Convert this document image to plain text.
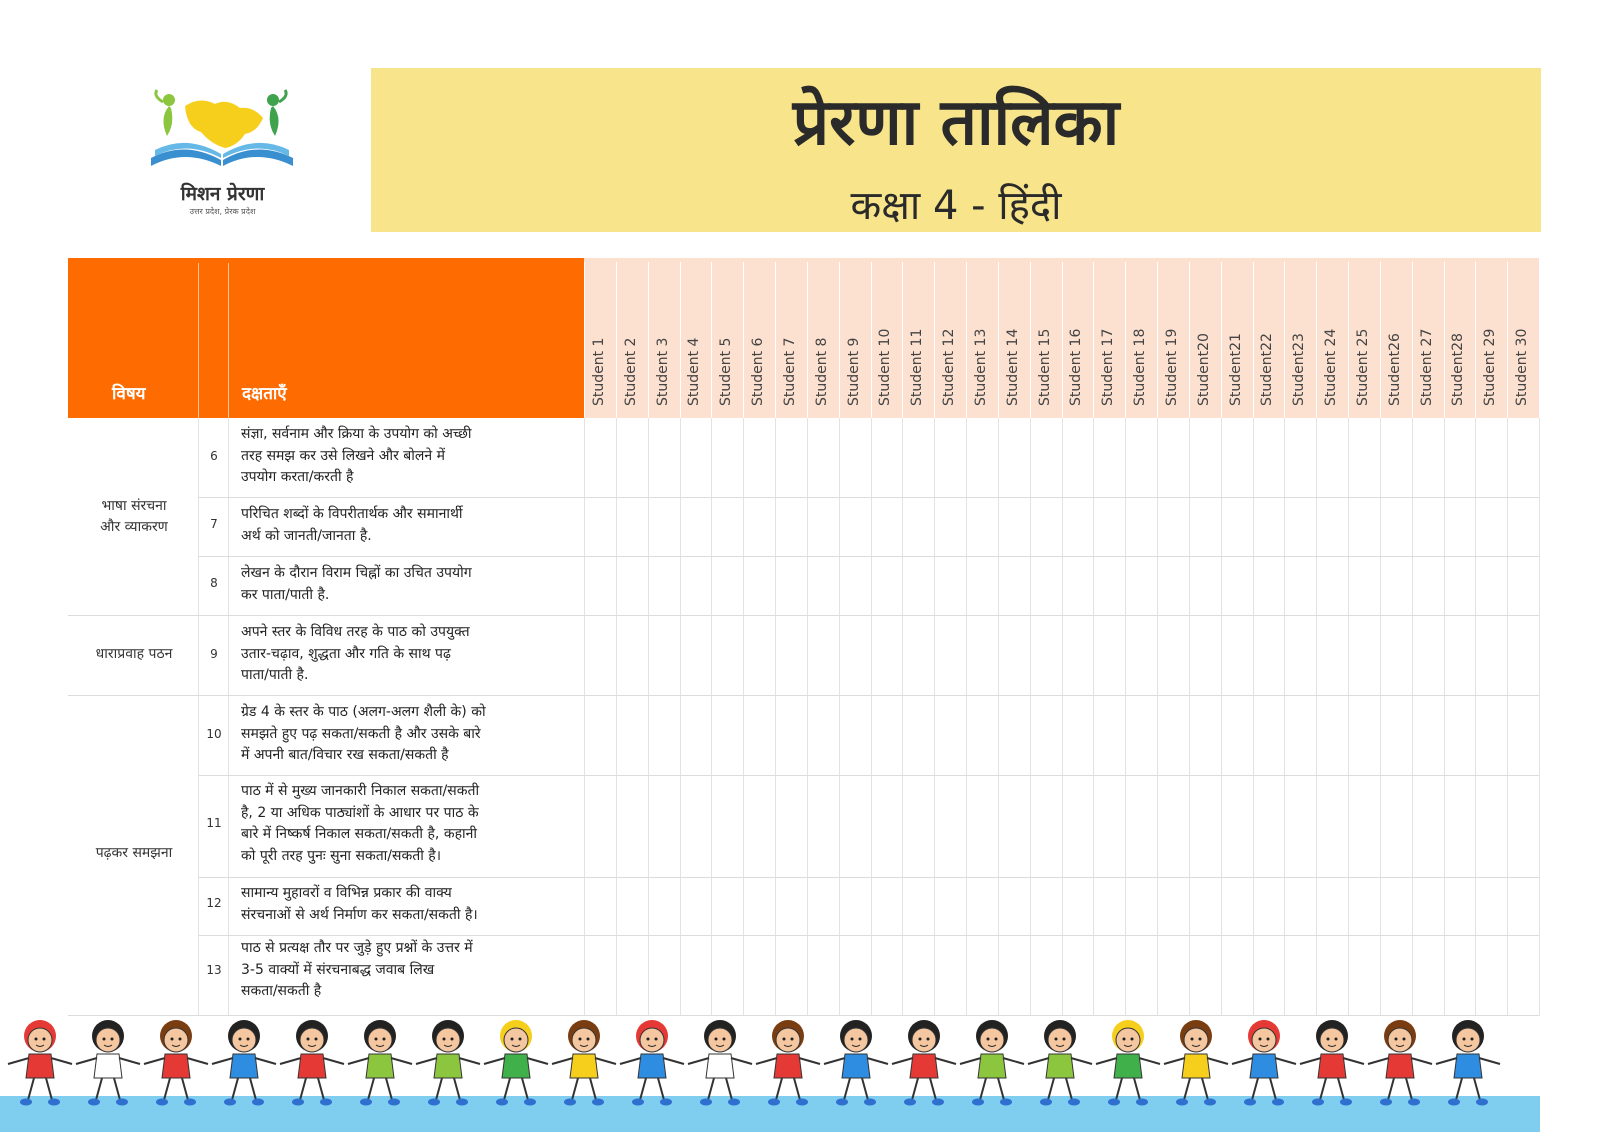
मिशन प्रेरणा
उत्तर प्रदेश, प्रेरक प्रदेश
प्रेरणा तालिका
कक्षा 4 - हिंदी
विषय	दक्षताएँ	Student 1 Student 2 Student 3 Student 4 Student 5 Student 6 Student 7 Student 8 Student 9 Student 10 Student 11 Student 12 Student 13 Student 14 Student 15 Student 16 Student 17 Student 18 Student 19 Student20 Student21 Student22 Student23 Student 24 Student 25 Student26 Student 27 Student28 Student 29 Student 30
भाषा संरचना
और व्याकरण
धाराप्रवाह पठन
पढ़कर समझना
6
संज्ञा, सर्वनाम और क्रिया के उपयोग को अच्छी
तरह समझ कर उसे लिखने और बोलने में
उपयोग करता/करती है
7
परिचित शब्दों के विपरीतार्थक और समानार्थी
अर्थ को जानती/जानता है.
8
लेखन के दौरान विराम चिह्नों का उचित उपयोग
कर पाता/पाती है.
9
अपने स्तर के विविध तरह के पाठ को उपयुक्त
उतार-चढ़ाव, शुद्धता और गति के साथ पढ़
पाता/पाती है.
10
ग्रेड 4 के स्तर के पाठ (अलग-अलग शैली के) को
समझते हुए पढ़ सकता/सकती है और उसके बारे
में अपनी बात/विचार रख सकता/सकती है
11
पाठ में से मुख्य जानकारी निकाल सकता/सकती
है, 2 या अधिक पाठ्यांशों के आधार पर पाठ के
बारे में निष्कर्ष निकाल सकता/सकती है, कहानी
को पूरी तरह पुनः सुना सकता/सकती है।
12
सामान्य मुहावरों व विभिन्न प्रकार की वाक्य
संरचनाओं से अर्थ निर्माण कर सकता/सकती है।
13
पाठ से प्रत्यक्ष तौर पर जुड़े हुए प्रश्नों के उत्तर में
3-5 वाक्यों में संरचनाबद्ध जवाब लिख
सकता/सकती है
